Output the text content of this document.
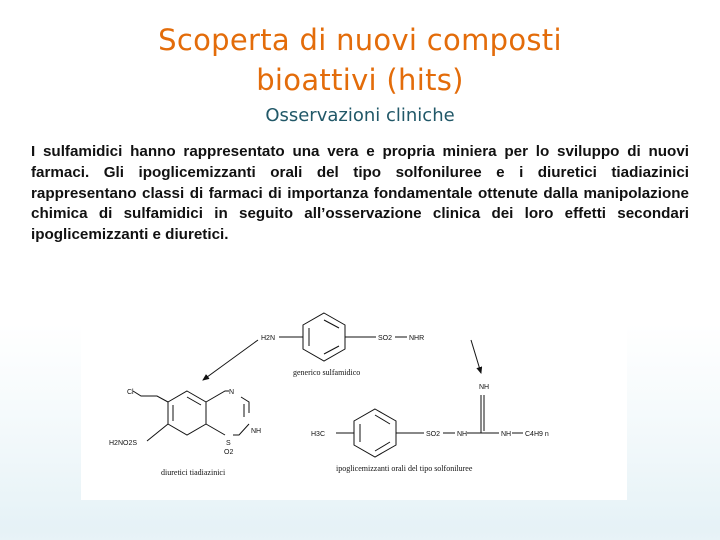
Scoperta di nuovi composti
bioattivi (hits)
Osservazioni cliniche

I sulfamidici hanno rappresentato una vera e propria miniera per lo sviluppo di nuovi farmaci. Gli ipoglicemizzanti orali del tipo solfoniluree e i diuretici tiadiazinici rappresentano classi di farmaci di importanza fondamentale ottenute dalla manipolazione chimica di sulfamidici in seguito all’osservazione clinica dei loro effetti secondari ipoglicemizzanti e diuretici.

H2N	SO2 NHR
generico sulfamidico
Cl	N
NH
S
O2
H2NO2S
diuretici tiadiazinici
NH
H3C	SO2 NH	NH C4H9 n
ipoglicemizzanti orali del tipo solfoniluree
